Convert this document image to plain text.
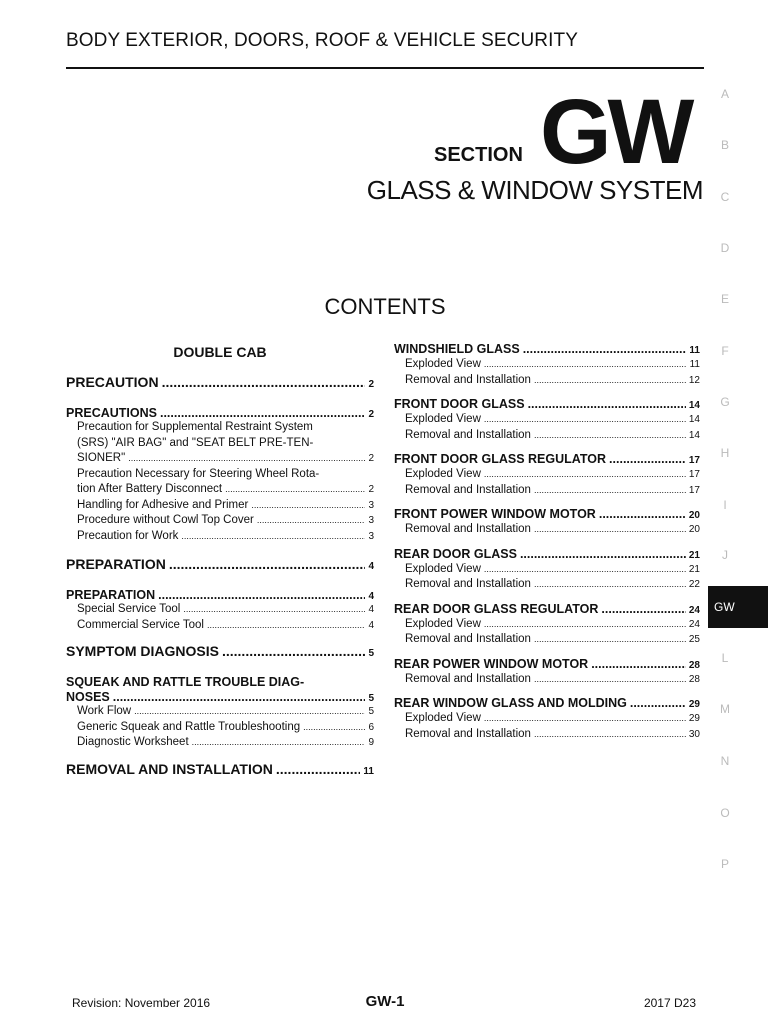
BODY EXTERIOR, DOORS, ROOF & VEHICLE SECURITY
SECTION GW
GLASS & WINDOW SYSTEM
CONTENTS
DOUBLE CAB
PRECAUTION .....	2
PRECAUTIONS .....	2
Precaution for Supplemental Restraint System
(SRS) "AIR BAG" and "SEAT BELT PRE-TEN-
SIONER" .....	2
Precaution Necessary for Steering Wheel Rota-
tion After Battery Disconnect .....	2
Handling for Adhesive and Primer .....	3
Procedure without Cowl Top Cover .....	3
Precaution for Work .....	3
PREPARATION .....	4
PREPARATION .....	4
Special Service Tool .....	4
Commercial Service Tool .....	4
SYMPTOM DIAGNOSIS .....	5
SQUEAK AND RATTLE TROUBLE DIAG-
NOSES .....	5
Work Flow .....	5
Generic Squeak and Rattle Troubleshooting .....	6
Diagnostic Worksheet .....	9
REMOVAL AND INSTALLATION .....	11
WINDSHIELD GLASS .....	11
Exploded View .....	11
Removal and Installation .....	12
FRONT DOOR GLASS .....	14
Exploded View .....	14
Removal and Installation .....	14
FRONT DOOR GLASS REGULATOR .....	17
Exploded View .....	17
Removal and Installation .....	17
FRONT POWER WINDOW MOTOR .....	20
Removal and Installation .....	20
REAR DOOR GLASS .....	21
Exploded View .....	21
Removal and Installation .....	22
REAR DOOR GLASS REGULATOR .....	24
Exploded View .....	24
Removal and Installation .....	25
REAR POWER WINDOW MOTOR .....	28
Removal and Installation .....	28
REAR WINDOW GLASS AND MOLDING .....	29
Exploded View .....	29
Removal and Installation .....	30
A
B
C
D
E
F
G
H
I
J
L
M
N
O
P
GW
Revision: November 2016	GW-1	2017 D23
